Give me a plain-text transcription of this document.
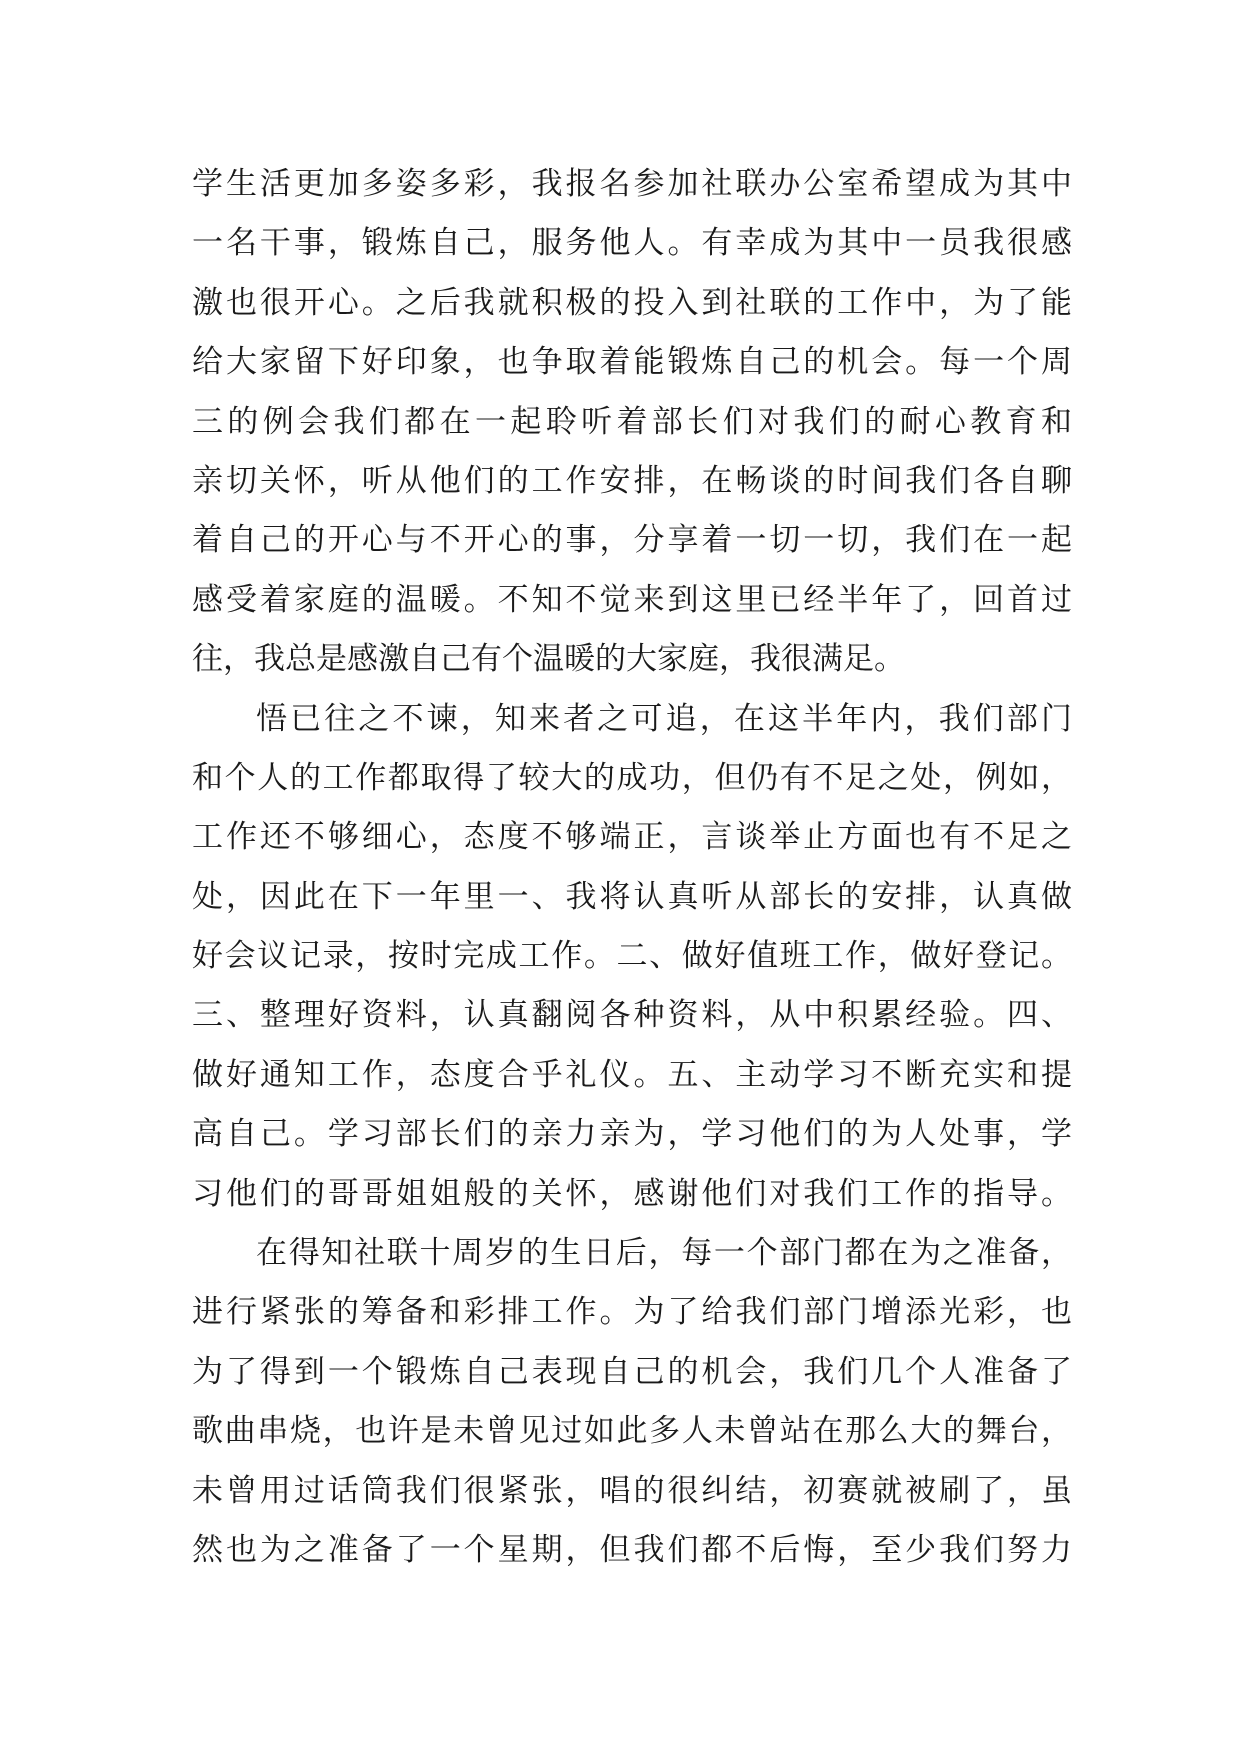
学生活更加多姿多彩，我报名参加社联办公室希望成为其中
一名干事，锻炼自己，服务他人。有幸成为其中一员我很感
激也很开心。之后我就积极的投入到社联的工作中，为了能
给大家留下好印象，也争取着能锻炼自己的机会。每一个周
三的例会我们都在一起聆听着部长们对我们的耐心教育和
亲切关怀，听从他们的工作安排，在畅谈的时间我们各自聊
着自己的开心与不开心的事，分享着一切一切，我们在一起
感受着家庭的温暖。不知不觉来到这里已经半年了，回首过
往，我总是感激自己有个温暖的大家庭，我很满足。
悟已往之不谏，知来者之可追，在这半年内，我们部门
和个人的工作都取得了较大的成功，但仍有不足之处，例如，
工作还不够细心，态度不够端正，言谈举止方面也有不足之
处，因此在下一年里一、我将认真听从部长的安排，认真做
好会议记录，按时完成工作。二、做好值班工作，做好登记。
三、整理好资料，认真翻阅各种资料，从中积累经验。四、
做好通知工作，态度合乎礼仪。五、主动学习不断充实和提
高自己。学习部长们的亲力亲为，学习他们的为人处事，学
习他们的哥哥姐姐般的关怀，感谢他们对我们工作的指导。
在得知社联十周岁的生日后，每一个部门都在为之准备，
进行紧张的筹备和彩排工作。为了给我们部门增添光彩，也
为了得到一个锻炼自己表现自己的机会，我们几个人准备了
歌曲串烧，也许是未曾见过如此多人未曾站在那么大的舞台，
未曾用过话筒我们很紧张，唱的很纠结，初赛就被刷了，虽
然也为之准备了一个星期，但我们都不后悔，至少我们努力
